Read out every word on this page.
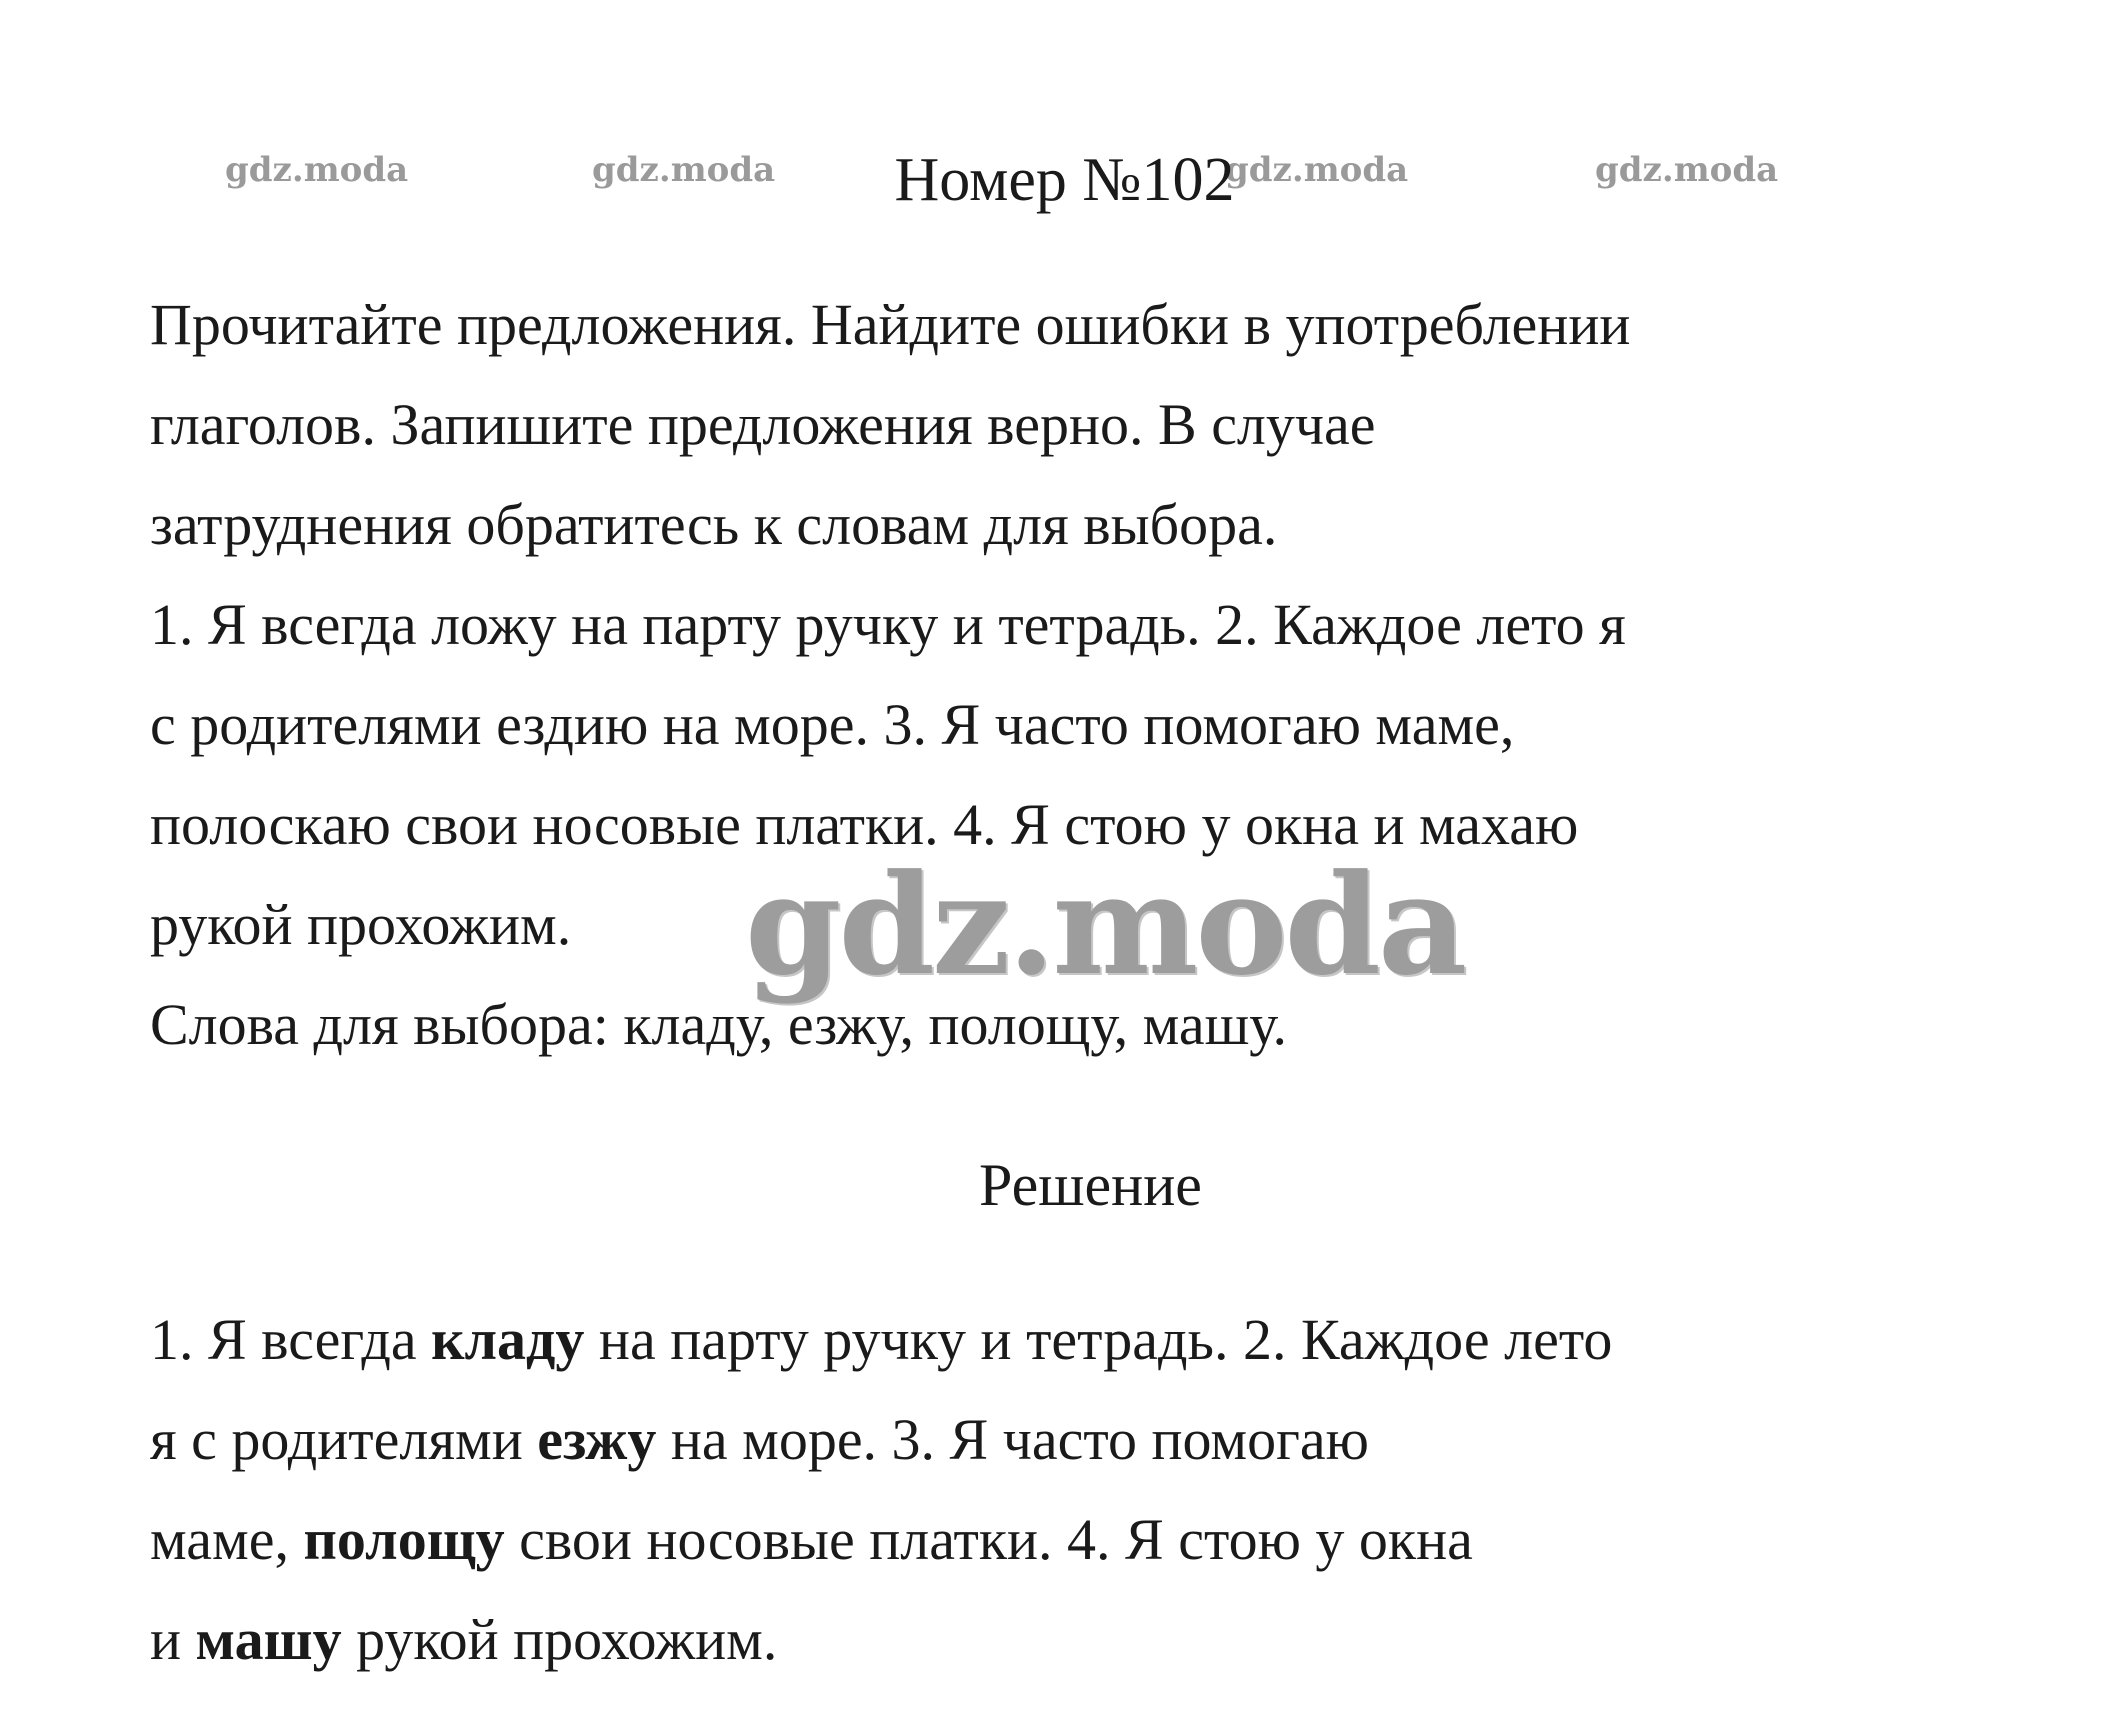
gdz.moda	gdz.moda	gdz.moda	gdz.moda
Номер №102
Прочитайте предложения. Найдите ошибки в употреблении
глаголов. Запишите предложения верно. В случае
затруднения обратитесь к словам для выбора.
1. Я всегда ложу на парту ручку и тетрадь. 2. Каждое лето я
с родителями ездию на море. 3. Я часто помогаю маме,
полоскаю свои носовые платки. 4. Я стою у окна и махаю
рукой прохожим.
Слова для выбора: кладу, езжу, полощу, машу.
gdz.moda
Решение
1. Я всегда кладу на парту ручку и тетрадь. 2. Каждое лето
я с родителями езжу на море. 3. Я часто помогаю
маме, полощу свои носовые платки. 4. Я стою у окна
и машу рукой прохожим.
